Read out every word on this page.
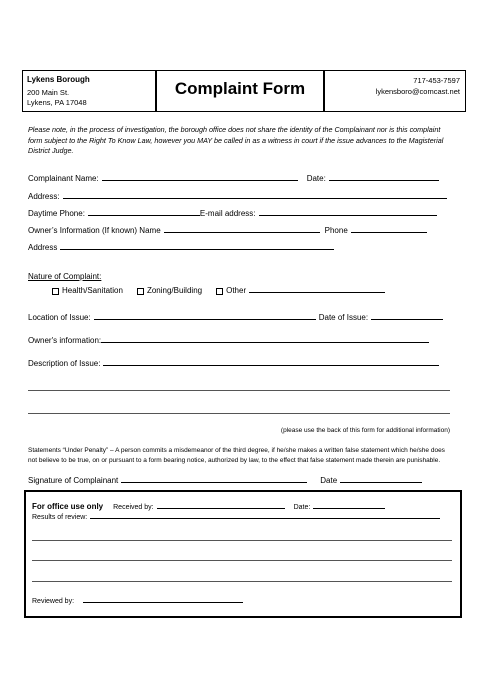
Lykens Borough
200 Main St.
Lykens, PA 17048
Complaint Form	717-453-7597
lykensboro@comcast.net
Please note, in the process of investigation, the borough office does not share the identity of the Complainant nor is this complaint form subject to the Right To Know Law, however you MAY be called in as a witness in court if the issue advances to the Magisterial District Judge.
Complainant Name:	Date:
Address:
Daytime Phone:	E-mail address:
Owner’s Information (If known) Name	Phone
Address
Nature of Complaint:
Health/Sanitation	Zoning/Building	Other
Location of Issue:	Date of Issue:
Owner's information:
Description of Issue:
(please use the back of this form for additional information)
Statements “Under Penalty” – A person commits a misdemeanor of the third degree, if he/she makes a written false statement which he/she does not believe to be true, on or pursuant to a form bearing notice, authorized by law, to the effect that false statement made therein are punishable.
Signature of Complainant	Date
For office use only Received by:	Date:
Results of review:
Reviewed by:
